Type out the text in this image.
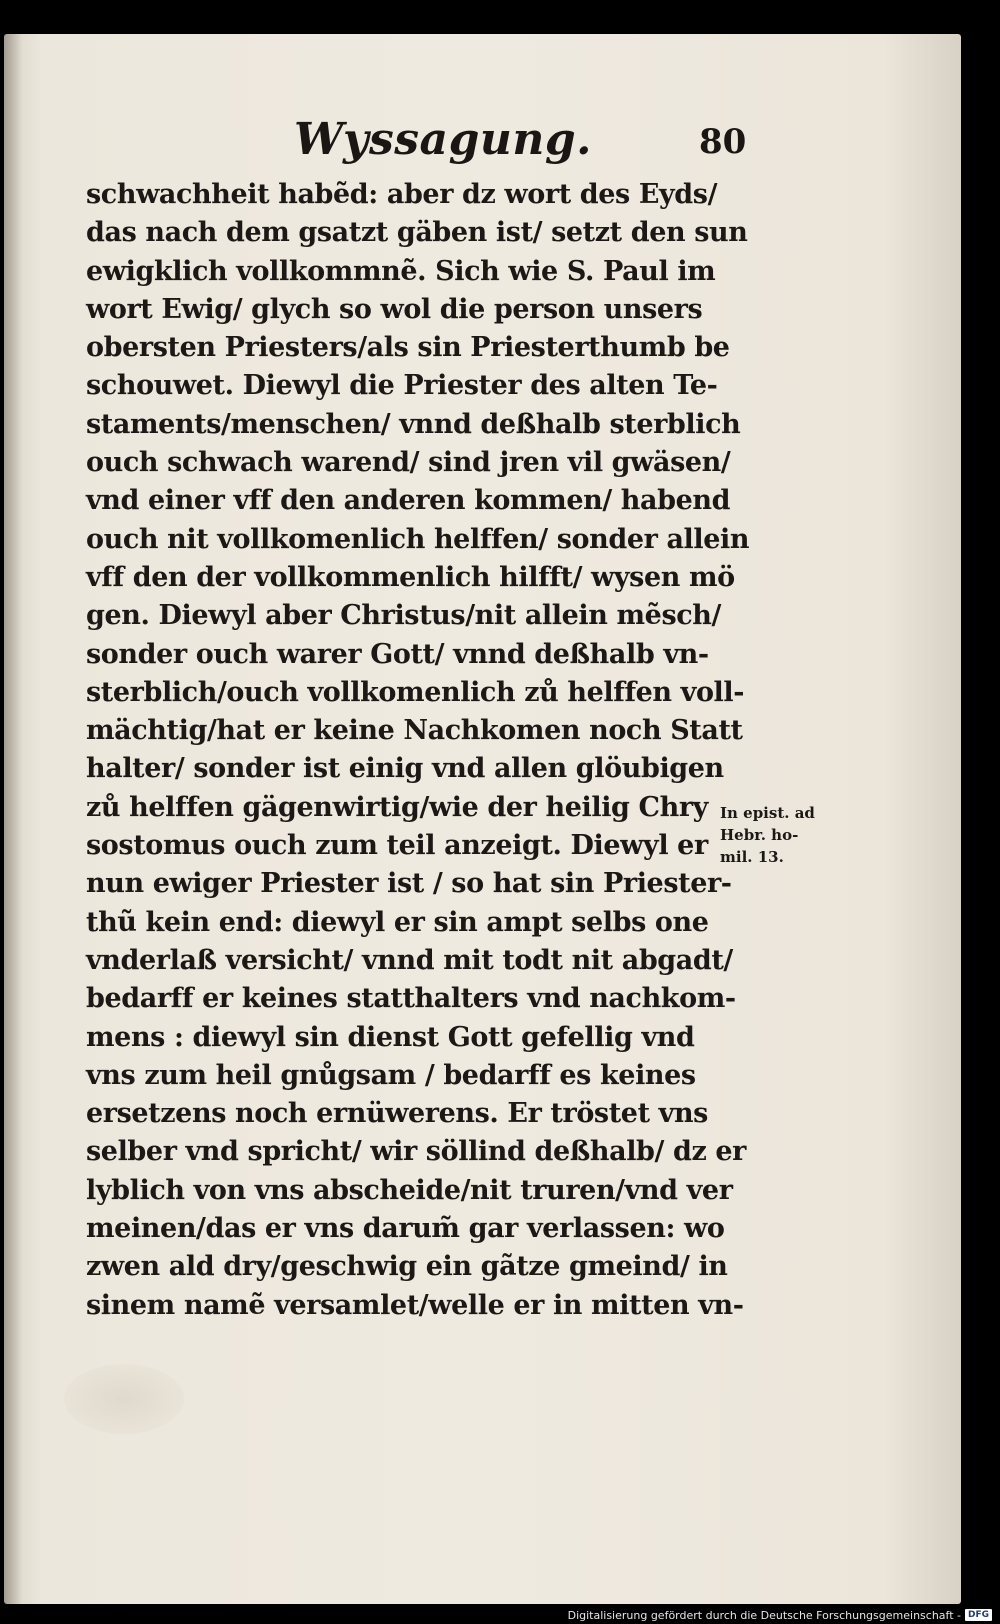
Wyssagung.	80
schwachheit habẽd: aber dz wort des Eyds/
das nach dem gsatzt gäben ist/ setzt den sun
ewigklich vollkommnẽ. Sich wie S. Paul im
wort Ewig/ glych so wol die person unsers
obersten Priesters/als sin Priesterthumb be
schouwet. Diewyl die Priester des alten Te-
staments/menschen/ vnnd deßhalb sterblich
ouch schwach warend/ sind jren vil gwäsen/
vnd einer vff den anderen kommen/ habend
ouch nit vollkomenlich helffen/ sonder allein
vff den der vollkommenlich hilfft/ wysen mö
gen. Diewyl aber Christus/nit allein mẽsch/
sonder ouch warer Gott/ vnnd deßhalb vn-
sterblich/ouch vollkomenlich zů helffen voll-
mächtig/hat er keine Nachkomen noch Statt
halter/ sonder ist einig vnd allen glöubigen
zů helffen gägenwirtig/wie der heilig Chry
sostomus ouch zum teil anzeigt. Diewyl er
nun ewiger Priester ist / so hat sin Priester-
thũ kein end: diewyl er sin ampt selbs one
vnderlaß versicht/ vnnd mit todt nit abgadt/
bedarff er keines statthalters vnd nachkom-
mens : diewyl sin dienst Gott gefellig vnd
vns zum heil gnůgsam / bedarff es keines
ersetzens noch ernüwerens. Er tröstet vns
selber vnd spricht/ wir söllind deßhalb/ dz er
lyblich von vns abscheide/nit truren/vnd ver
meinen/das er vns darum̃ gar verlassen: wo
zwen ald dry/geschwig ein gãtze gmeind/ in
sinem namẽ versamlet/welle er in mitten vn-
In epist. ad
Hebr. ho-
mil. 13.
Digitalisierung gefördert durch die Deutsche Forschungsgemeinschaft - DFG
